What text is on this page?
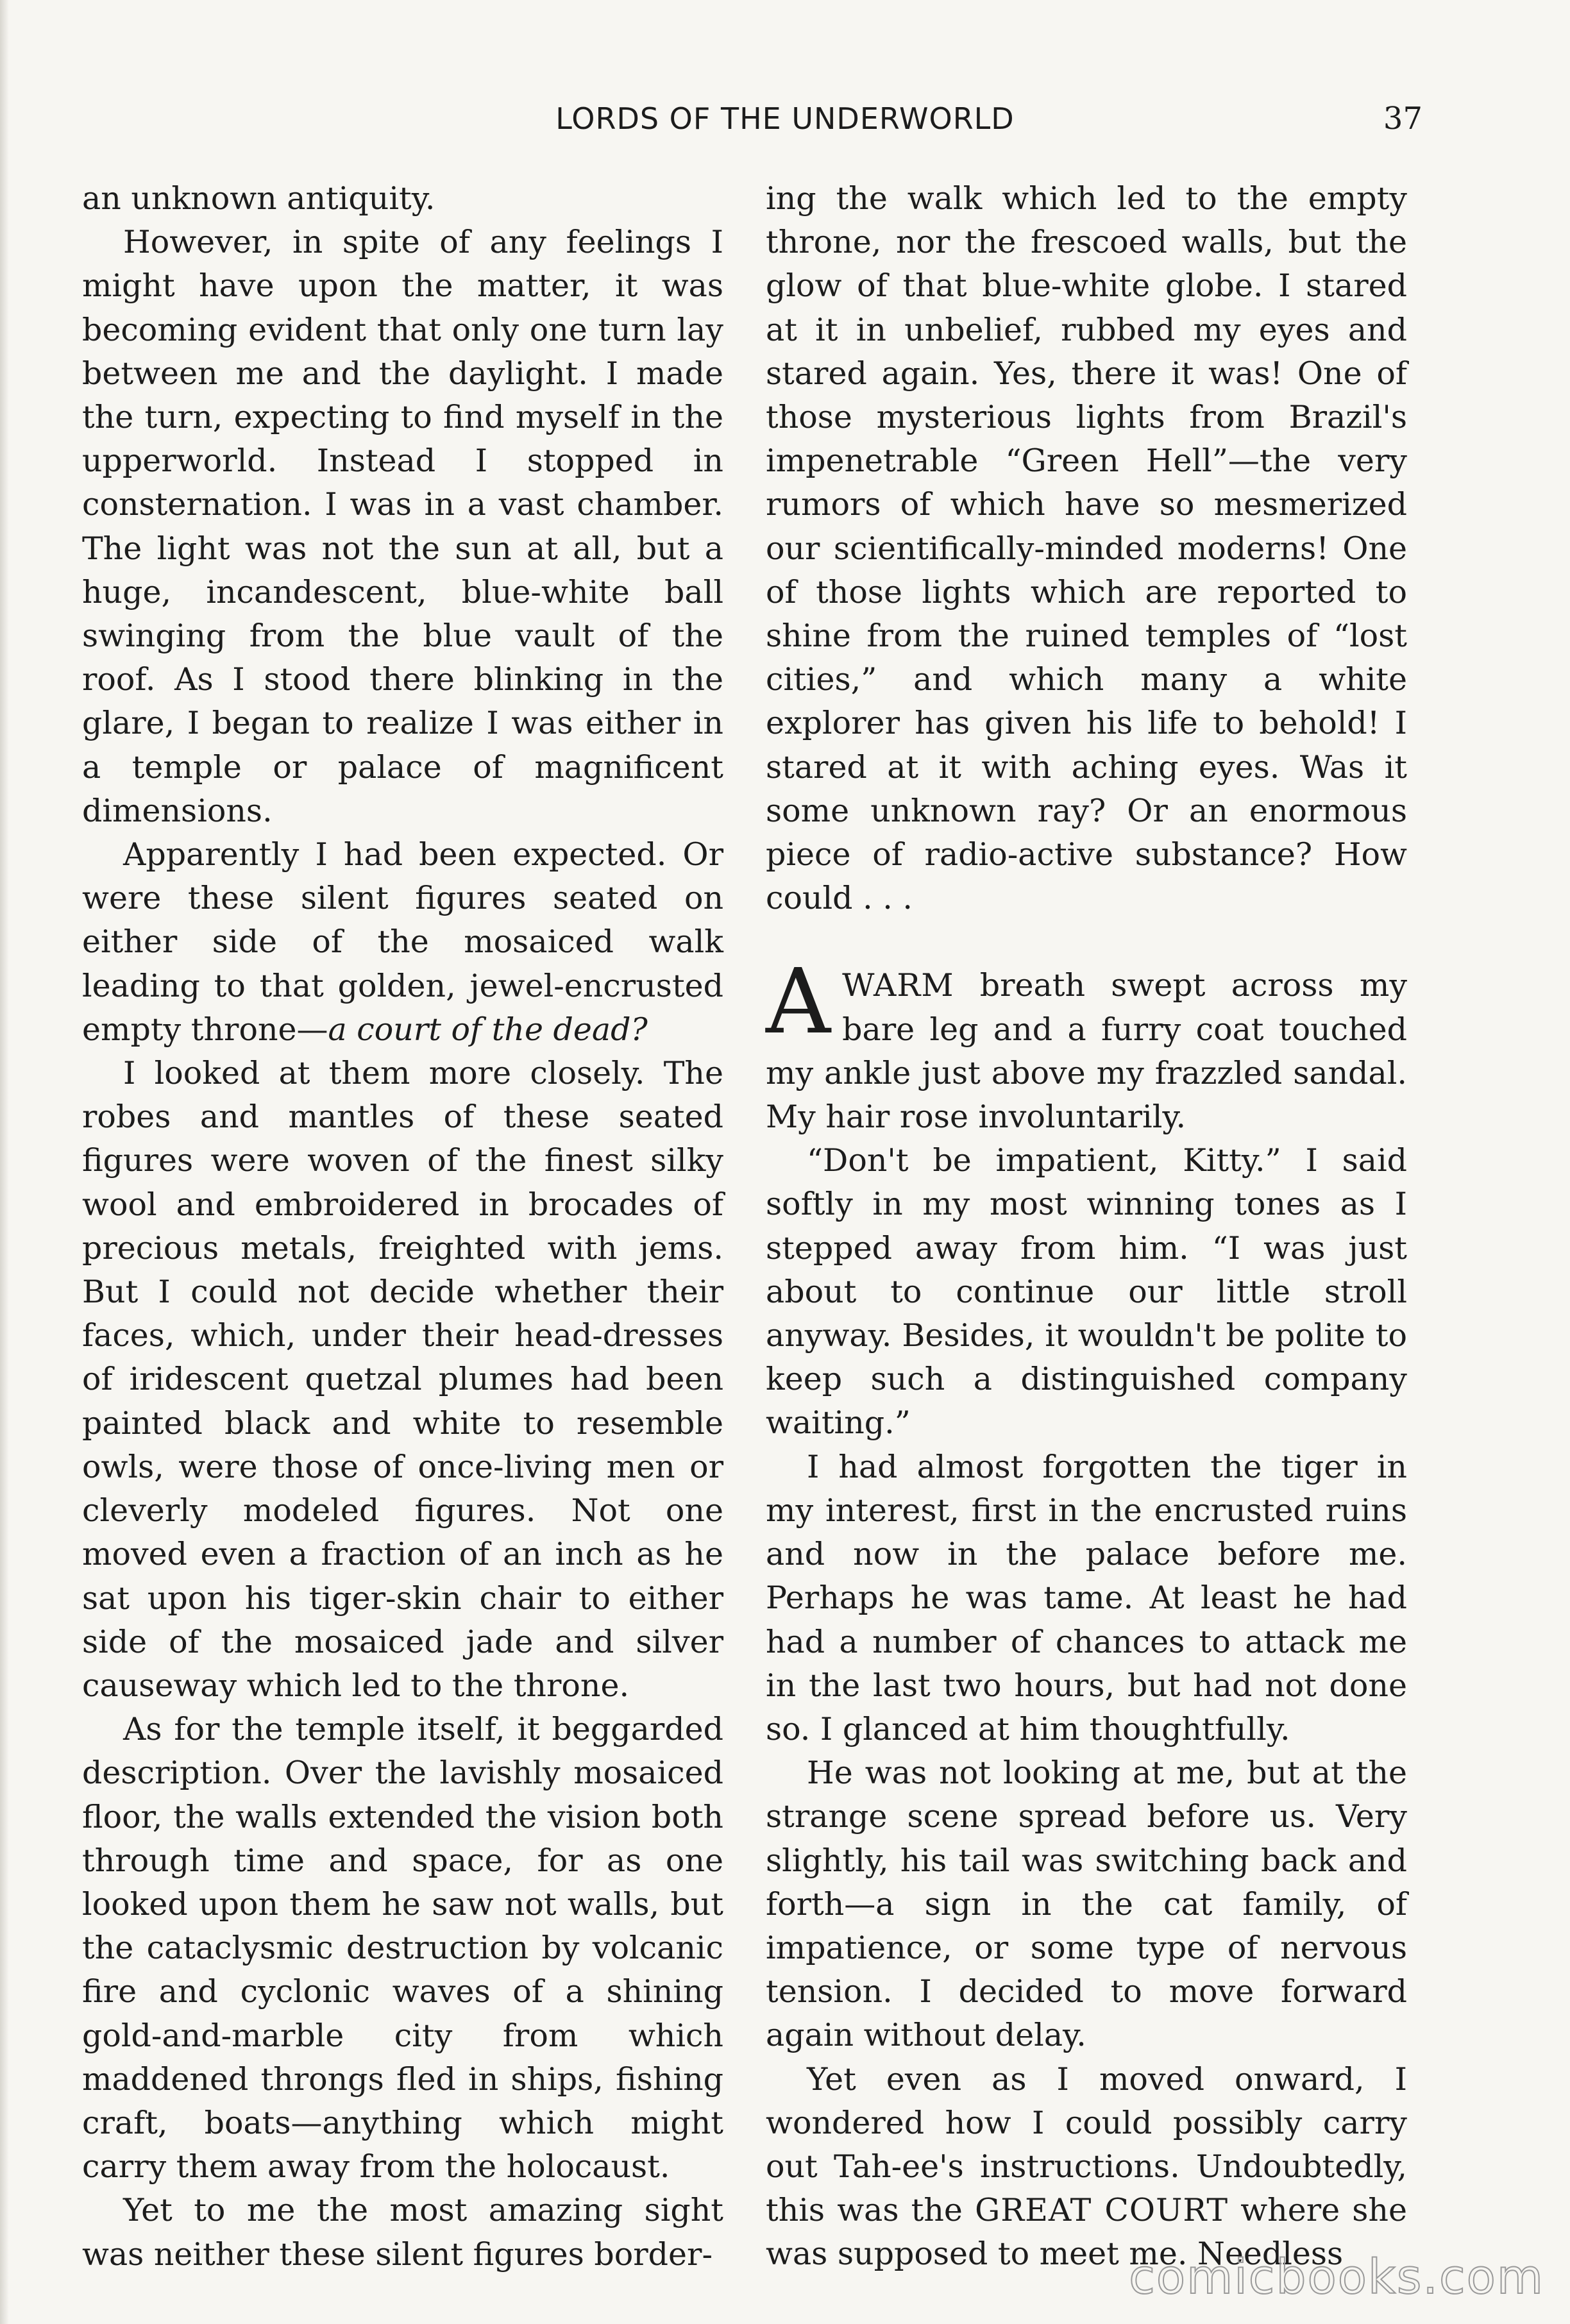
LORDS OF THE UNDERWORLD	37

an unknown antiquity.

However, in spite of any feelings I might have upon the matter, it was becoming evident that only one turn lay between me and the daylight. I made the turn, expecting to find myself in the upperworld. Instead I stopped in consternation. I was in a vast chamber. The light was not the sun at all, but a huge, incandescent, blue-white ball swinging from the blue vault of the roof. As I stood there blinking in the glare, I began to realize I was either in a temple or palace of magnificent dimensions.

Apparently I had been expected. Or were these silent figures seated on either side of the mosaiced walk leading to that golden, jewel-encrusted empty throne—a court of the dead?

I looked at them more closely. The robes and mantles of these seated figures were woven of the finest silky wool and embroidered in brocades of precious metals, freighted with jems. But I could not decide whether their faces, which, under their head-dresses of iridescent quetzal plumes had been painted black and white to resemble owls, were those of once-living men or cleverly modeled figures. Not one moved even a fraction of an inch as he sat upon his tiger-skin chair to either side of the mosaiced jade and silver causeway which led to the throne.

As for the temple itself, it beggarded description. Over the lavishly mosaiced floor, the walls extended the vision both through time and space, for as one looked upon them he saw not walls, but the cataclysmic destruction by volcanic fire and cyclonic waves of a shining gold-and-marble city from which maddened throngs fled in ships, fishing craft, boats—anything which might carry them away from the holocaust.

Yet to me the most amazing sight was neither these silent figures border-

ing the walk which led to the empty throne, nor the frescoed walls, but the glow of that blue-white globe. I stared at it in unbelief, rubbed my eyes and stared again. Yes, there it was! One of those mysterious lights from Brazil's impenetrable “Green Hell”—the very rumors of which have so mesmerized our scientifically-minded moderns! One of those lights which are reported to shine from the ruined temples of “lost cities,” and which many a white explorer has given his life to behold! I stared at it with aching eyes. Was it some unknown ray? Or an enormous piece of radio-active substance? How could . . .

AWARM breath swept across my bare leg and a furry coat touched my ankle just above my frazzled sandal. My hair rose involuntarily.

“Don't be impatient, Kitty.” I said softly in my most winning tones as I stepped away from him. “I was just about to continue our little stroll anyway. Besides, it wouldn't be polite to keep such a distinguished company waiting.”

I had almost forgotten the tiger in my interest, first in the encrusted ruins and now in the palace before me. Perhaps he was tame. At least he had had a number of chances to attack me in the last two hours, but had not done so. I glanced at him thoughtfully.

He was not looking at me, but at the strange scene spread before us. Very slightly, his tail was switching back and forth—a sign in the cat family, of impatience, or some type of nervous tension. I decided to move forward again without delay.

Yet even as I moved onward, I wondered how I could possibly carry out Tah-ee's instructions. Undoubtedly, this was the GREAT COURT where she was supposed to meet me. Needless

comicbooks.com
